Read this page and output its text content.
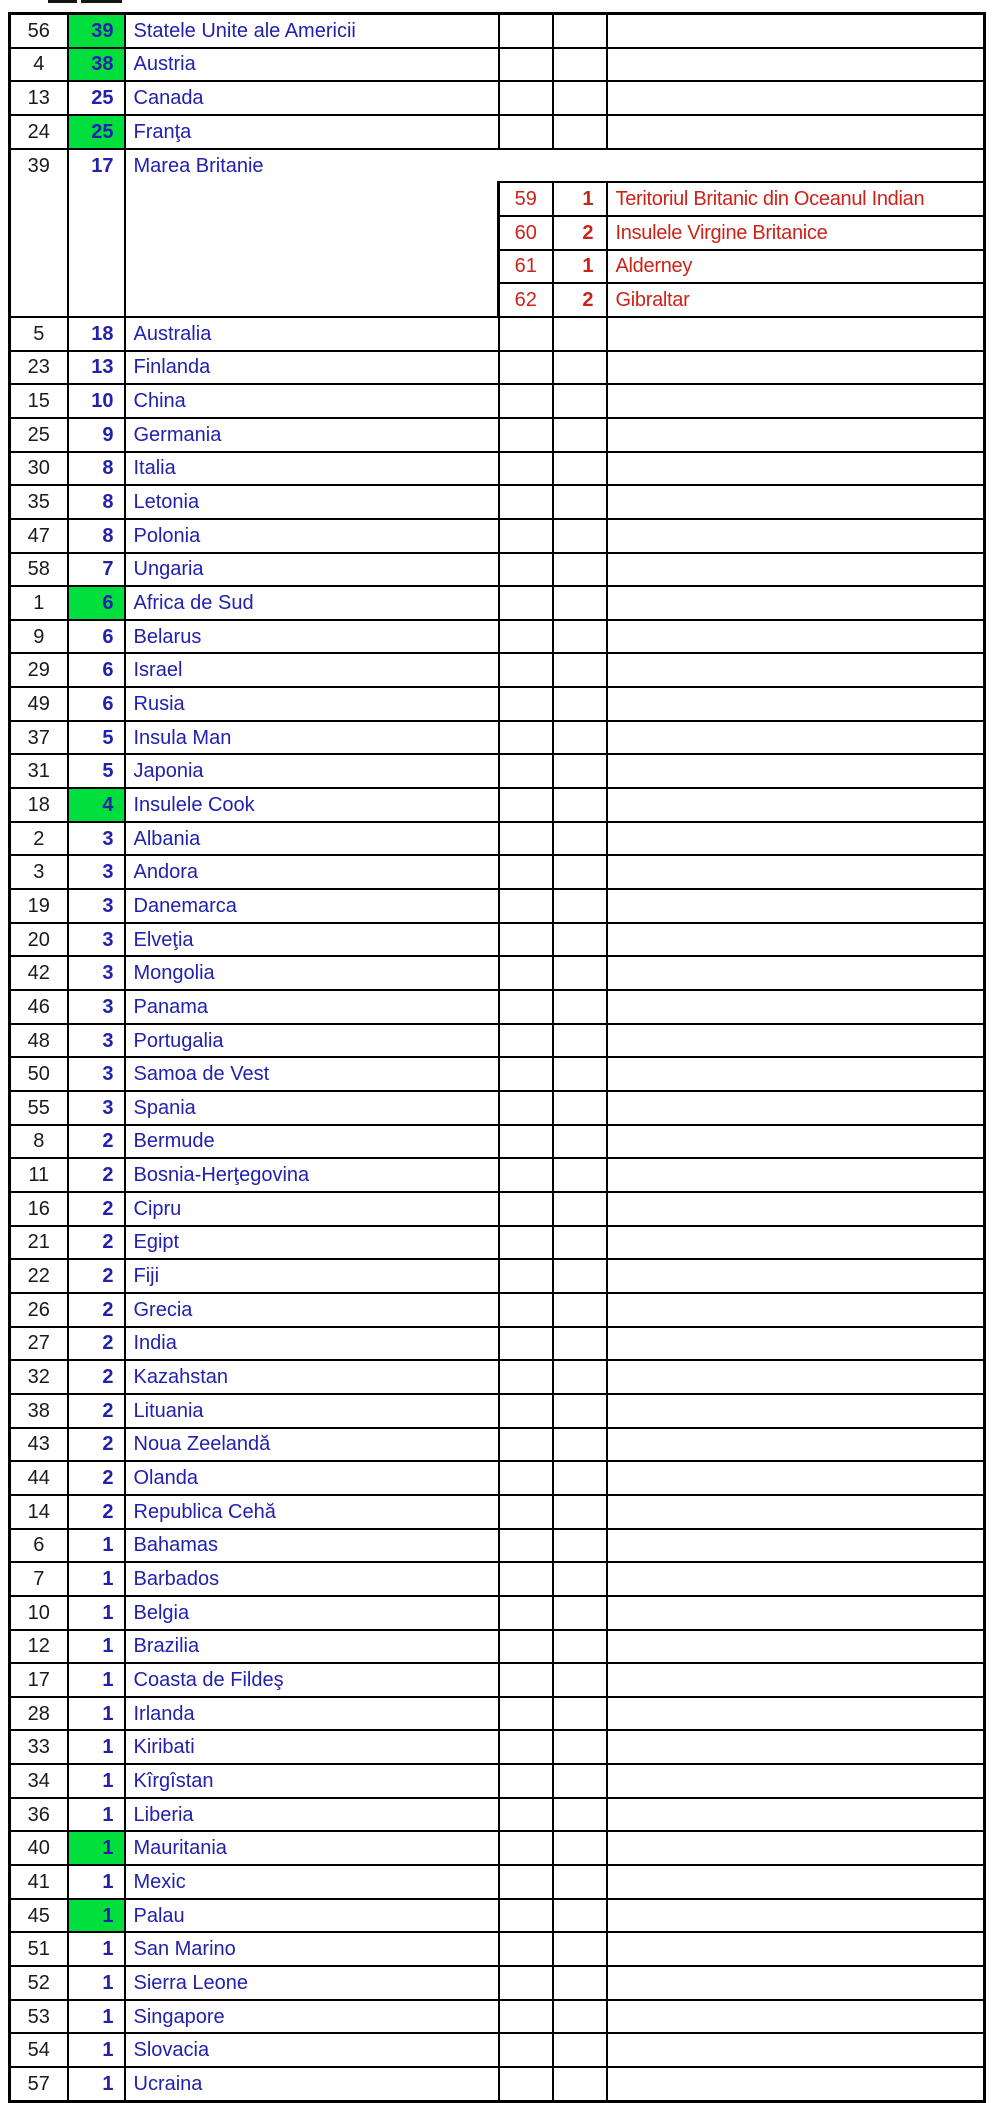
56	39	Statele Unite ale Americii			
4	38	Austria			
13	25	Canada			
24	25	Franţa			
39	17	Marea Britanie			
			59	1	Teritoriul Britanic din Oceanul Indian
			60	2	Insulele Virgine Britanice
			61	1	Alderney
			62	2	Gibraltar
5	18	Australia			
23	13	Finlanda			
15	10	China			
25	9	Germania			
30	8	Italia			
35	8	Letonia			
47	8	Polonia			
58	7	Ungaria			
1	6	Africa de Sud			
9	6	Belarus			
29	6	Israel			
49	6	Rusia			
37	5	Insula Man			
31	5	Japonia			
18	4	Insulele Cook			
2	3	Albania			
3	3	Andora			
19	3	Danemarca			
20	3	Elveţia			
42	3	Mongolia			
46	3	Panama			
48	3	Portugalia			
50	3	Samoa de Vest			
55	3	Spania			
8	2	Bermude			
11	2	Bosnia-Herţegovina			
16	2	Cipru			
21	2	Egipt			
22	2	Fiji			
26	2	Grecia			
27	2	India			
32	2	Kazahstan			
38	2	Lituania			
43	2	Noua Zeelandă			
44	2	Olanda			
14	2	Republica Cehă			
6	1	Bahamas			
7	1	Barbados			
10	1	Belgia			
12	1	Brazilia			
17	1	Coasta de Fildeş			
28	1	Irlanda			
33	1	Kiribati			
34	1	Kîrgîstan			
36	1	Liberia			
40	1	Mauritania			
41	1	Mexic			
45	1	Palau			
51	1	San Marino			
52	1	Sierra Leone			
53	1	Singapore			
54	1	Slovacia			
57	1	Ucraina			
